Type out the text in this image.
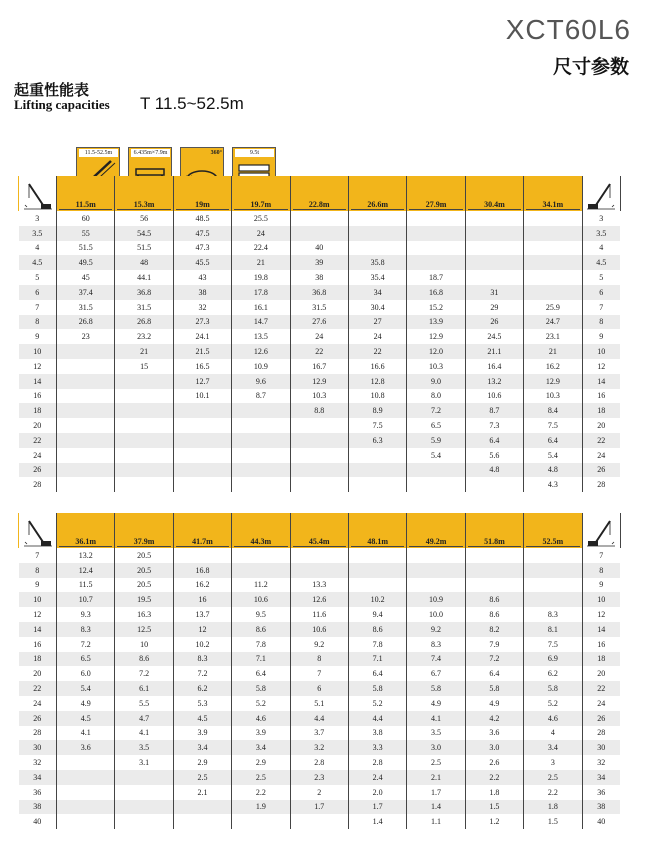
XCT60L6
尺寸参数
起重性能表
Lifting capacities T 11.5~52.5m
11.5-52.5m	6.435m×7.9m	360°	9.5t

11.5m	15.3m	19m	19.7m	22.8m	26.6m	27.9m	30.4m	34.1m

3	60	56	48.5	25.5						3
3.5	55	54.5	47.5	24						3.5
4	51.5	51.5	47.3	22.4	40					4
4.5	49.5	48	45.5	21	39	35.8				4.5
5	45	44.1	43	19.8	38	35.4	18.7			5
6	37.4	36.8	38	17.8	36.8	34	16.8	31		6
7	31.5	31.5	32	16.1	31.5	30.4	15.2	29	25.9	7
8	26.8	26.8	27.3	14.7	27.6	27	13.9	26	24.7	8
9	23	23.2	24.1	13.5	24	24	12.9	24.5	23.1	9
10		21	21.5	12.6	22	22	12.0	21.1	21	10
12		15	16.5	10.9	16.7	16.6	10.3	16.4	16.2	12
14			12.7	9.6	12.9	12.8	9.0	13.2	12.9	14
16			10.1	8.7	10.3	10.8	8.0	10.6	10.3	16
18					8.8	8.9	7.2	8.7	8.4	18
20						7.5	6.5	7.3	7.5	20
22						6.3	5.9	6.4	6.4	22
24							5.4	5.6	5.4	24
26								4.8	4.8	26
28									4.3	28

36.1m	37.9m	41.7m	44.3m	45.4m	48.1m	49.2m	51.8m	52.5m

7	13.2	20.5								7
8	12.4	20.5	16.8							8
9	11.5	20.5	16.2	11.2	13.3					9
10	10.7	19.5	16	10.6	12.6	10.2	10.9	8.6		10
12	9.3	16.3	13.7	9.5	11.6	9.4	10.0	8.6	8.3	12
14	8.3	12.5	12	8.6	10.6	8.6	9.2	8.2	8.1	14
16	7.2	10	10.2	7.8	9.2	7.8	8.3	7.9	7.5	16
18	6.5	8.6	8.3	7.1	8	7.1	7.4	7.2	6.9	18
20	6.0	7.2	7.2	6.4	7	6.4	6.7	6.4	6.2	20
22	5.4	6.1	6.2	5.8	6	5.8	5.8	5.8	5.8	22
24	4.9	5.5	5.3	5.2	5.1	5.2	4.9	4.9	5.2	24
26	4.5	4.7	4.5	4.6	4.4	4.4	4.1	4.2	4.6	26
28	4.1	4.1	3.9	3.9	3.7	3.8	3.5	3.6	4	28
30	3.6	3.5	3.4	3.4	3.2	3.3	3.0	3.0	3.4	30
32		3.1	2.9	2.9	2.8	2.8	2.5	2.6	3	32
34			2.5	2.5	2.3	2.4	2.1	2.2	2.5	34
36			2.1	2.2	2	2.0	1.7	1.8	2.2	36
38				1.9	1.7	1.7	1.4	1.5	1.8	38
40						1.4	1.1	1.2	1.5	40
